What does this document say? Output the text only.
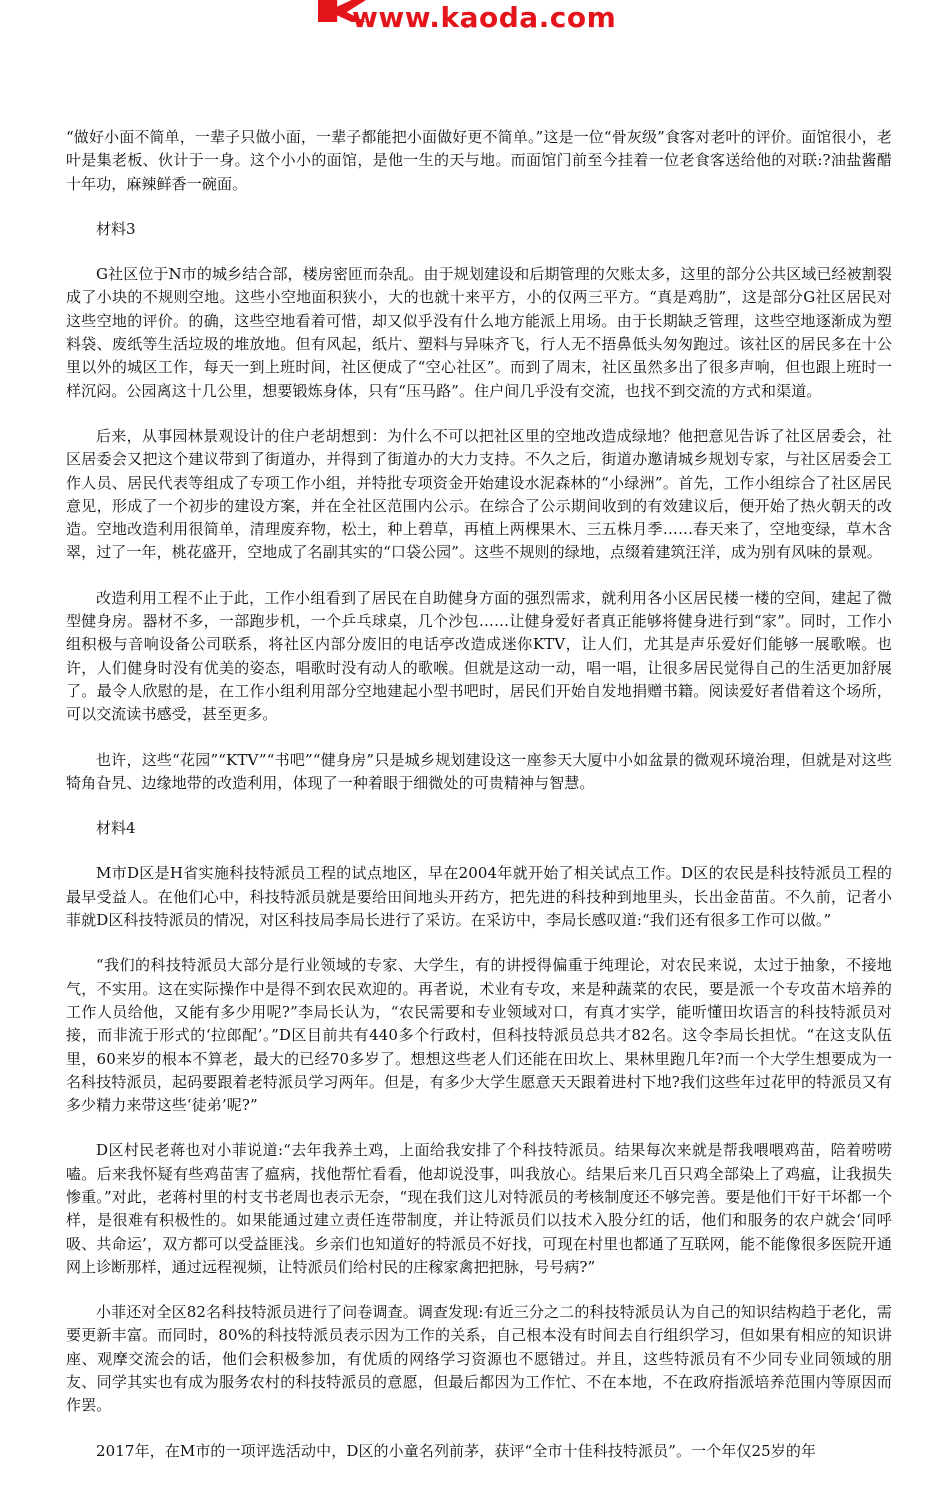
www.kaoda.com

“做好小面不简单，一辈子只做小面，一辈子都能把小面做好更不简单。”这是一位“骨灰级”食客对老叶的评价。面馆很小，老叶是集老板、伙计于一身。这个小小的面馆，是他一生的天与地。而面馆门前至今挂着一位老食客送给他的对联:?油盐酱醋十年功，麻辣鲜香一碗面。

材料3

G社区位于N市的城乡结合部，楼房密匝而杂乱。由于规划建设和后期管理的欠账太多，这里的部分公共区域已经被割裂成了小块的不规则空地。这些小空地面积狭小，大的也就十来平方，小的仅两三平方。“真是鸡肋”，这是部分G社区居民对这些空地的评价。的确，这些空地看着可惜，却又似乎没有什么地方能派上用场。由于长期缺乏管理，这些空地逐渐成为塑料袋、废纸等生活垃圾的堆放地。但有风起，纸片、塑料与异味齐飞，行人无不捂鼻低头匆匆跑过。该社区的居民多在十公里以外的城区工作，每天一到上班时间，社区便成了“空心社区”。而到了周末，社区虽然多出了很多声响，但也跟上班时一样沉闷。公园离这十几公里，想要锻炼身体，只有“压马路”。住户间几乎没有交流，也找不到交流的方式和渠道。

后来，从事园林景观设计的住户老胡想到：为什么不可以把社区里的空地改造成绿地？他把意见告诉了社区居委会，社区居委会又把这个建议带到了街道办，并得到了街道办的大力支持。不久之后，街道办邀请城乡规划专家，与社区居委会工作人员、居民代表等组成了专项工作小组，并特批专项资金开始建设水泥森林的“小绿洲”。首先，工作小组综合了社区居民意见，形成了一个初步的建设方案，并在全社区范围内公示。在综合了公示期间收到的有效建议后，便开始了热火朝天的改造。空地改造利用很简单，清理废弃物，松土，种上碧草，再植上两棵果木、三五株月季……春天来了，空地变绿，草木含翠，过了一年，桃花盛开，空地成了名副其实的“口袋公园”。这些不规则的绿地，点缀着建筑汪洋，成为别有风味的景观。

改造利用工程不止于此，工作小组看到了居民在自助健身方面的强烈需求，就利用各小区居民楼一楼的空间，建起了微型健身房。器材不多，一部跑步机，一个乒乓球桌，几个沙包……让健身爱好者真正能够将健身进行到“家”。同时，工作小组积极与音响设备公司联系，将社区内部分废旧的电话亭改造成迷你KTV，让人们，尤其是声乐爱好们能够一展歌喉。也许，人们健身时没有优美的姿态，唱歌时没有动人的歌喉。但就是这动一动，唱一唱，让很多居民觉得自己的生活更加舒展了。最令人欣慰的是，在工作小组利用部分空地建起小型书吧时，居民们开始自发地捐赠书籍。阅读爱好者借着这个场所，可以交流读书感受，甚至更多。

也许，这些“花园”“KTV”“书吧”“健身房”只是城乡规划建设这一座参天大厦中小如盆景的微观环境治理，但就是对这些犄角旮旯、边缘地带的改造利用，体现了一种着眼于细微处的可贵精神与智慧。

材料4

M市D区是H省实施科技特派员工程的试点地区，早在2004年就开始了相关试点工作。D区的农民是科技特派员工程的最早受益人。在他们心中，科技特派员就是要给田间地头开药方，把先进的科技种到地里头，长出金苗苗。不久前，记者小菲就D区科技特派员的情况，对区科技局李局长进行了采访。在采访中，李局长感叹道:“我们还有很多工作可以做。”

“我们的科技特派员大部分是行业领域的专家、大学生，有的讲授得偏重于纯理论，对农民来说，太过于抽象，不接地气，不实用。这在实际操作中是得不到农民欢迎的。再者说，术业有专攻，来是种蔬菜的农民，要是派一个专攻苗木培养的工作人员给他，又能有多少用呢?”李局长认为，“农民需要和专业领域对口，有真才实学，能听懂田坎语言的科技特派员对接，而非流于形式的‘拉郎配’。”D区目前共有440多个行政村，但科技特派员总共才82名。这令李局长担忧。“在这支队伍里，60来岁的根本不算老，最大的已经70多岁了。想想这些老人们还能在田坎上、果林里跑几年?而一个大学生想要成为一名科技特派员，起码要跟着老特派员学习两年。但是，有多少大学生愿意天天跟着进村下地?我们这些年过花甲的特派员又有多少精力来带这些‘徒弟’呢?”

D区村民老蒋也对小菲说道:“去年我养土鸡，上面给我安排了个科技特派员。结果每次来就是帮我喂喂鸡苗，陪着唠唠嗑。后来我怀疑有些鸡苗害了瘟病，找他帮忙看看，他却说没事，叫我放心。结果后来几百只鸡全部染上了鸡瘟，让我损失惨重。”对此，老蒋村里的村支书老周也表示无奈，“现在我们这儿对特派员的考核制度还不够完善。要是他们干好干坏都一个样，是很难有积极性的。如果能通过建立责任连带制度，并让特派员们以技术入股分红的话，他们和服务的农户就会‘同呼吸、共命运’，双方都可以受益匪浅。乡亲们也知道好的特派员不好找，可现在村里也都通了互联网，能不能像很多医院开通网上诊断那样，通过远程视频，让特派员们给村民的庄稼家禽把把脉，号号病?”

小菲还对全区82名科技特派员进行了问卷调查。调查发现:有近三分之二的科技特派员认为自己的知识结构趋于老化，需要更新丰富。而同时，80%的科技特派员表示因为工作的关系，自己根本没有时间去自行组织学习，但如果有相应的知识讲座、观摩交流会的话，他们会积极参加，有优质的网络学习资源也不愿错过。并且，这些特派员有不少同专业同领域的朋友、同学其实也有成为服务农村的科技特派员的意愿，但最后都因为工作忙、不在本地，不在政府指派培养范围内等原因而作罢。

2017年，在M市的一项评选活动中，D区的小童名列前茅，获评“全市十佳科技特派员”。一个年仅25岁的年
